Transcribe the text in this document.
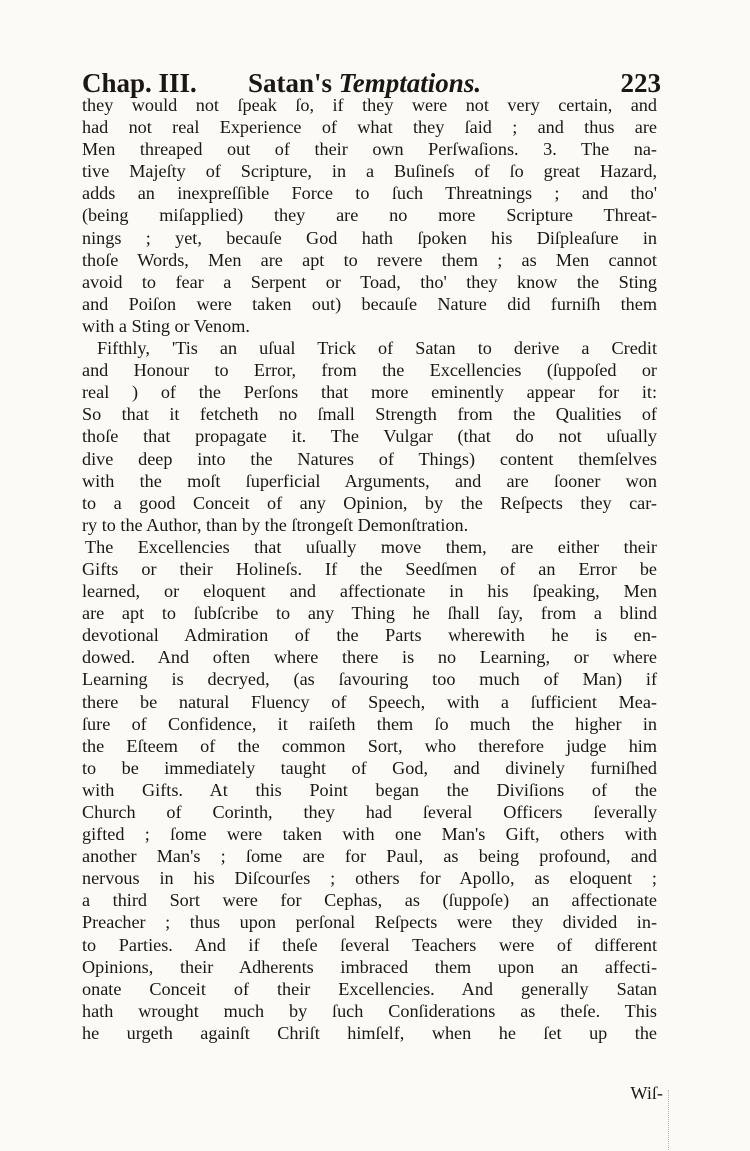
Chap. III. Satan's Temptations.	223
they would not ſpeak ſo, if they were not very certain, and
had not real Experience of what they ſaid ; and thus are
Men threaped out of their own Perſwaſions. 3. The na-
tive Majeſty of Scripture, in a Buſineſs of ſo great Hazard,
adds an inexpreſſible Force to ſuch Threatnings ; and tho'
(being miſapplied) they are no more Scripture Threat-
nings ; yet, becauſe God hath ſpoken his Diſpleaſure in
thoſe Words, Men are apt to revere them ; as Men cannot
avoid to fear a Serpent or Toad, tho' they know the Sting
and Poiſon were taken out) becauſe Nature did furniſh them
with a Sting or Venom.
Fifthly, 'Tis an uſual Trick of Satan to derive a Credit
and Honour to Error, from the Excellencies (ſuppoſed or
real ) of the Perſons that more eminently appear for it:
So that it fetcheth no ſmall Strength from the Qualities of
thoſe that propagate it. The Vulgar (that do not uſually
dive deep into the Natures of Things) content themſelves
with the moſt ſuperficial Arguments, and are ſooner won
to a good Conceit of any Opinion, by the Reſpects they car-
ry to the Author, than by the ſtrongeſt Demonſtration.
The Excellencies that uſually move them, are either their
Gifts or their Holineſs. If the Seedſmen of an Error be
learned, or eloquent and affectionate in his ſpeaking, Men
are apt to ſubſcribe to any Thing he ſhall ſay, from a blind
devotional Admiration of the Parts wherewith he is en-
dowed. And often where there is no Learning, or where
Learning is decryed, (as ſavouring too much of Man) if
there be natural Fluency of Speech, with a ſufficient Mea-
ſure of Confidence, it raiſeth them ſo much the higher in
the Eſteem of the common Sort, who therefore judge him
to be immediately taught of God, and divinely furniſhed
with Gifts. At this Point began the Diviſions of the
Church of Corinth, they had ſeveral Officers ſeverally
gifted ; ſome were taken with one Man's Gift, others with
another Man's ; ſome are for Paul, as being profound, and
nervous in his Diſcourſes ; others for Apollo, as eloquent ;
a third Sort were for Cephas, as (ſuppoſe) an affectionate
Preacher ; thus upon perſonal Reſpects were they divided in-
to Parties. And if theſe ſeveral Teachers were of different
Opinions, their Adherents imbraced them upon an affecti-
onate Conceit of their Excellencies. And generally Satan
hath wrought much by ſuch Conſiderations as theſe. This
he urgeth againſt Chriſt himſelf, when he ſet up the
Wiſ-
